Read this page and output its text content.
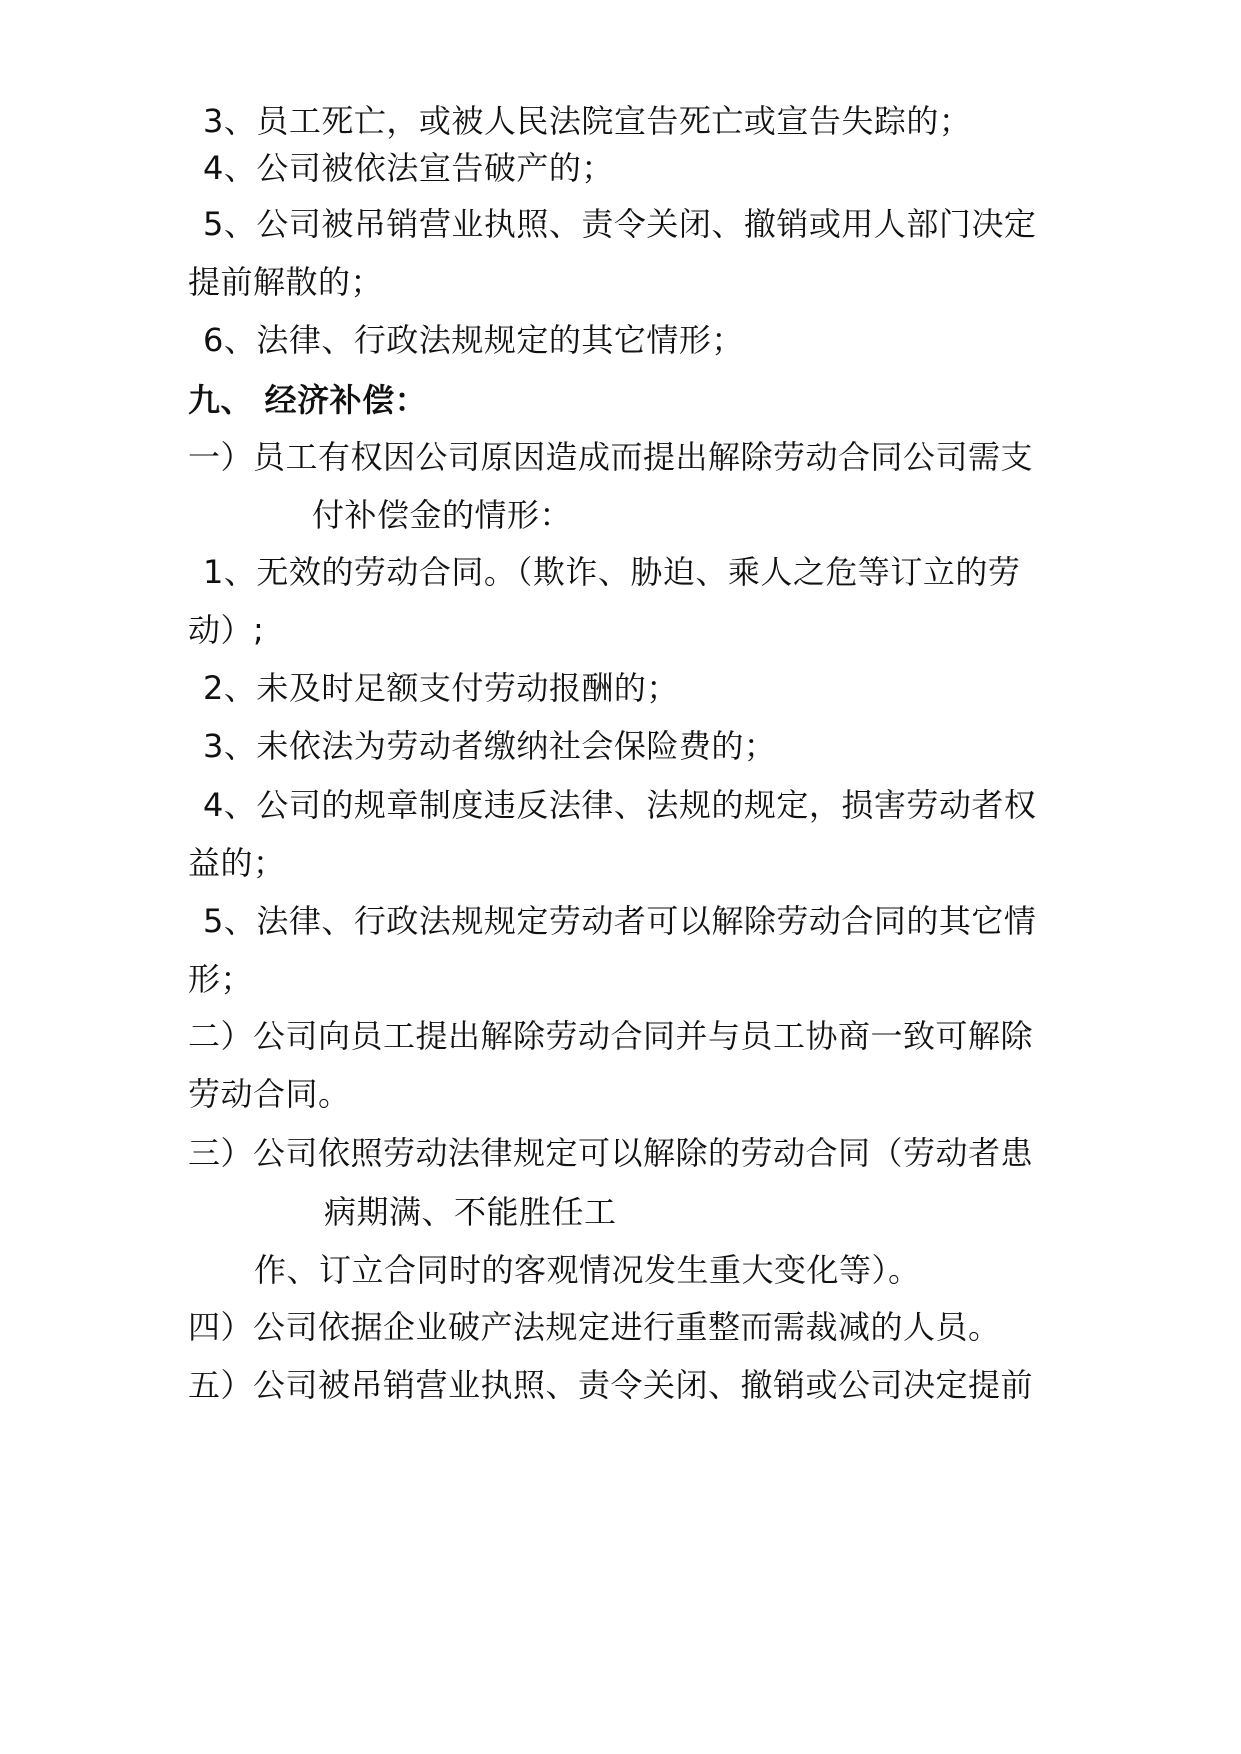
3、员工死亡，或被人民法院宣告死亡或宣告失踪的；
4、公司被依法宣告破产的；
5、公司被吊销营业执照、责令关闭、撤销或用人部门决定
提前解散的；
6、法律、行政法规规定的其它情形；
九、 经济补偿：
一）员工有权因公司原因造成而提出解除劳动合同公司需支
付补偿金的情形：
1、无效的劳动合同。（欺诈、胁迫、乘人之危等订立的劳
动）;
2、未及时足额支付劳动报酬的；
3、未依法为劳动者缴纳社会保险费的；
4、公司的规章制度违反法律、法规的规定，损害劳动者权
益的；
5、法律、行政法规规定劳动者可以解除劳动合同的其它情
形；
二）公司向员工提出解除劳动合同并与员工协商一致可解除
劳动合同。
三）公司依照劳动法律规定可以解除的劳动合同（劳动者患
病期满、不能胜任工
作、订立合同时的客观情况发生重大变化等）。
四）公司依据企业破产法规定进行重整而需裁减的人员。
五）公司被吊销营业执照、责令关闭、撤销或公司决定提前
